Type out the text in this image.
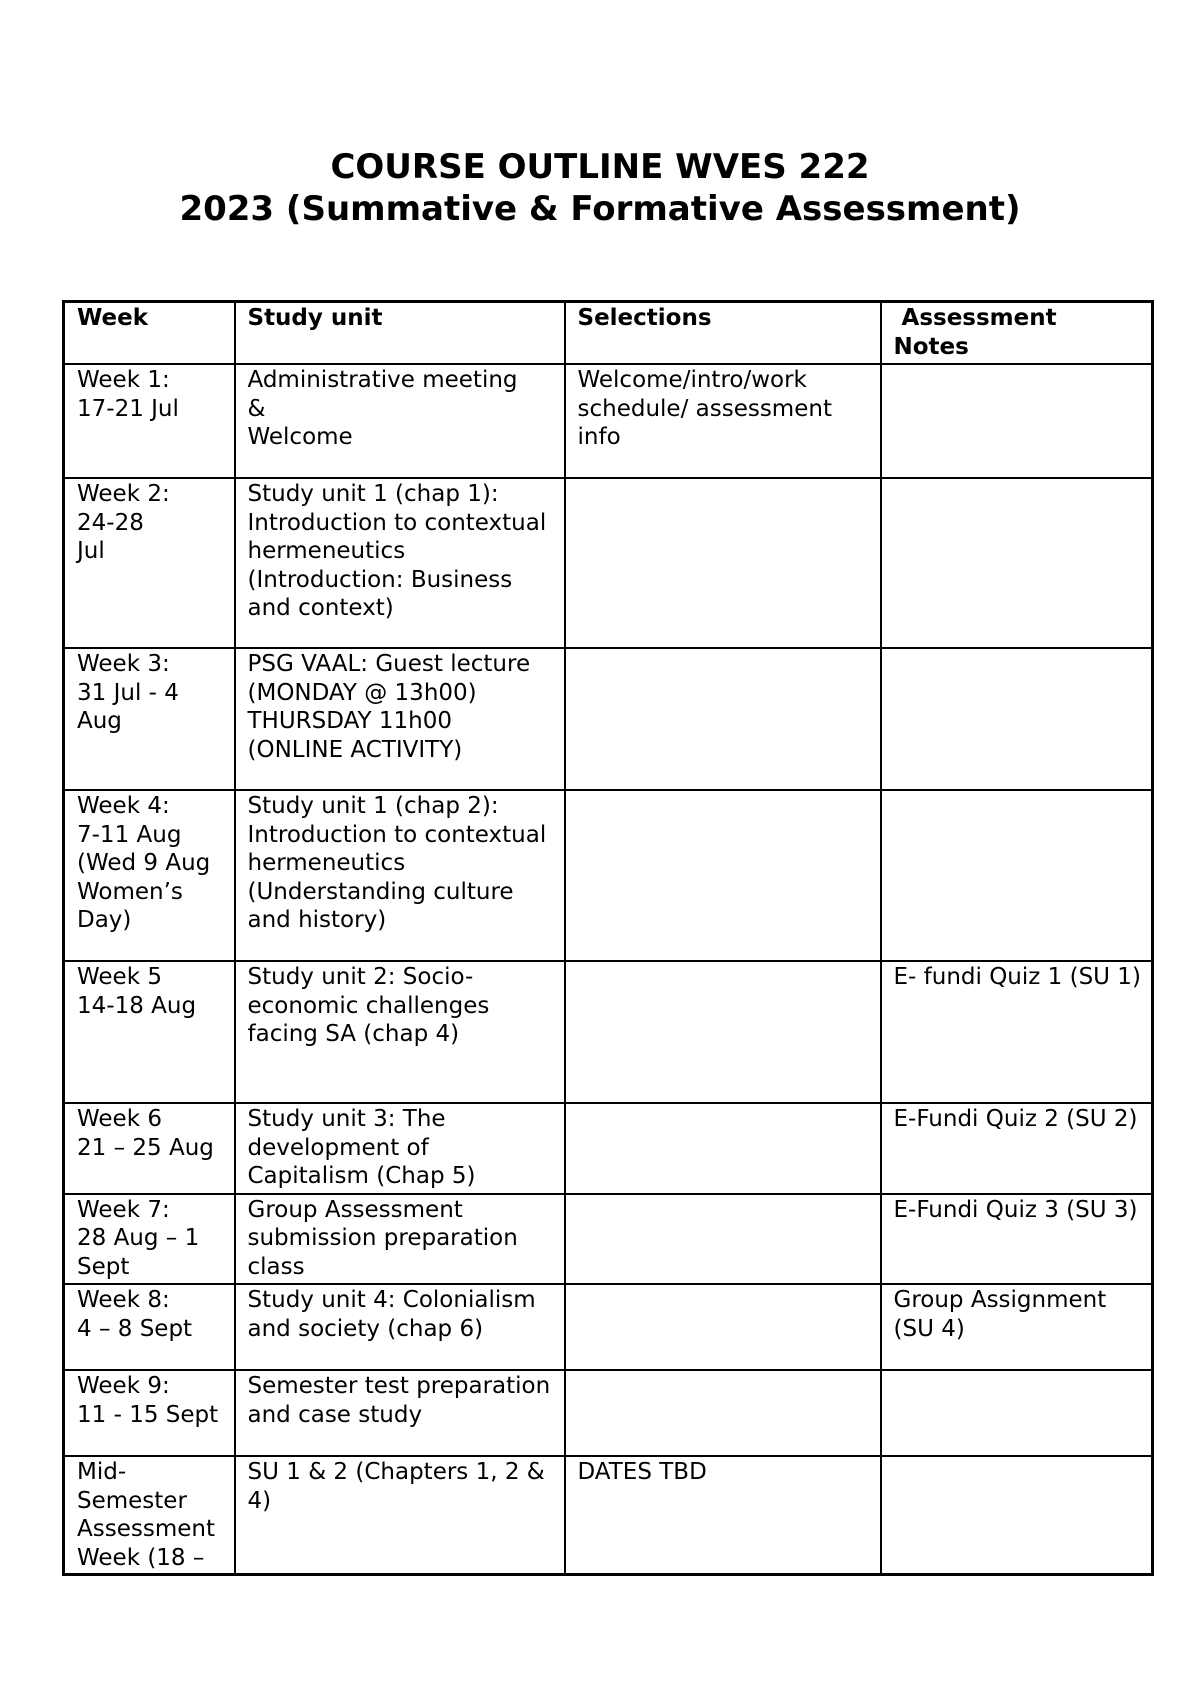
COURSE OUTLINE WVES 222
2023 (Summative & Formative Assessment)
Week	Study unit	Selections	Assessment
Notes

Week 1:
17-21 Jul	Administrative meeting
&
Welcome	Welcome/intro/work schedule/ assessment info	

Week 2:
24-28
Jul	Study unit 1 (chap 1): Introduction to contextual hermeneutics (Introduction: Business and context)		

Week 3:
31 Jul - 4
Aug	PSG VAAL: Guest lecture (MONDAY @ 13h00)
THURSDAY 11h00
(ONLINE ACTIVITY)		

Week 4:
7-11 Aug
(Wed 9 Aug Women’s Day)	Study unit 1 (chap 2): Introduction to contextual hermeneutics (Understanding culture and history)		

Week 5
14-18 Aug	Study unit 2: Socio-economic challenges facing SA (chap 4)		E- fundi Quiz 1 (SU 1)

Week 6
21 – 25 Aug	Study unit 3: The development of Capitalism (Chap 5)		E-Fundi Quiz 2 (SU 2)

Week 7:
28 Aug – 1 Sept	Group Assessment submission preparation class		E-Fundi Quiz 3 (SU 3)

Week 8:
4 – 8 Sept	Study unit 4: Colonialism and society (chap 6)		Group Assignment (SU 4)

Week 9:
11 - 15 Sept	Semester test preparation and case study		

Mid-Semester Assessment Week (18 –	SU 1 & 2 (Chapters 1, 2 & 4)	DATES TBD	
